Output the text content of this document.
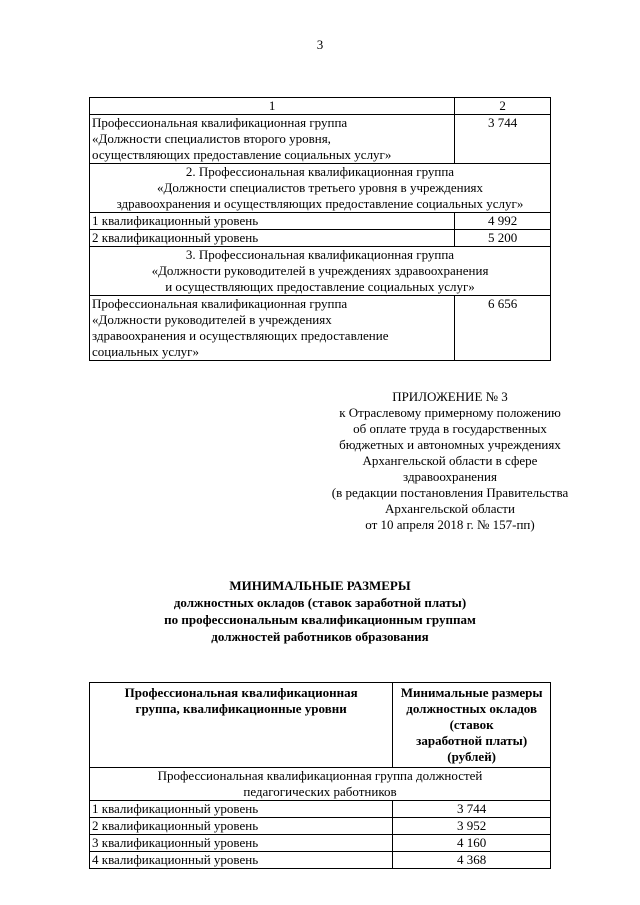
3
1	2
Профессиональная квалификационная группа
«Должности специалистов второго уровня,
осуществляющих предоставление социальных услуг»	3 744
2. Профессиональная квалификационная группа
«Должности специалистов третьего уровня в учреждениях
здравоохранения и осуществляющих предоставление социальных услуг»	
1 квалификационный уровень	4 992
2 квалификационный уровень	5 200
3. Профессиональная квалификационная группа
«Должности руководителей в учреждениях здравоохранения
и осуществляющих предоставление социальных услуг»	
Профессиональная квалификационная группа
«Должности руководителей в учреждениях
здравоохранения и осуществляющих предоставление
социальных услуг»	6 656
ПРИЛОЖЕНИЕ № 3
к Отраслевому примерному положению
об оплате труда в государственных
бюджетных и автономных учреждениях
Архангельской области в сфере
здравоохранения
(в редакции постановления Правительства
Архангельской области
от 10 апреля 2018 г. № 157-пп)
МИНИМАЛЬНЫЕ РАЗМЕРЫ
должностных окладов (ставок заработной платы)
по профессиональным квалификационным группам
должностей работников образования
Профессиональная квалификационная
группа, квалификационные уровни	Минимальные размеры
должностных окладов (ставок
заработной платы) (рублей)
Профессиональная квалификационная группа должностей
педагогических работников	
1 квалификационный уровень	3 744
2 квалификационный уровень	3 952
3 квалификационный уровень	4 160
4 квалификационный уровень	4 368
